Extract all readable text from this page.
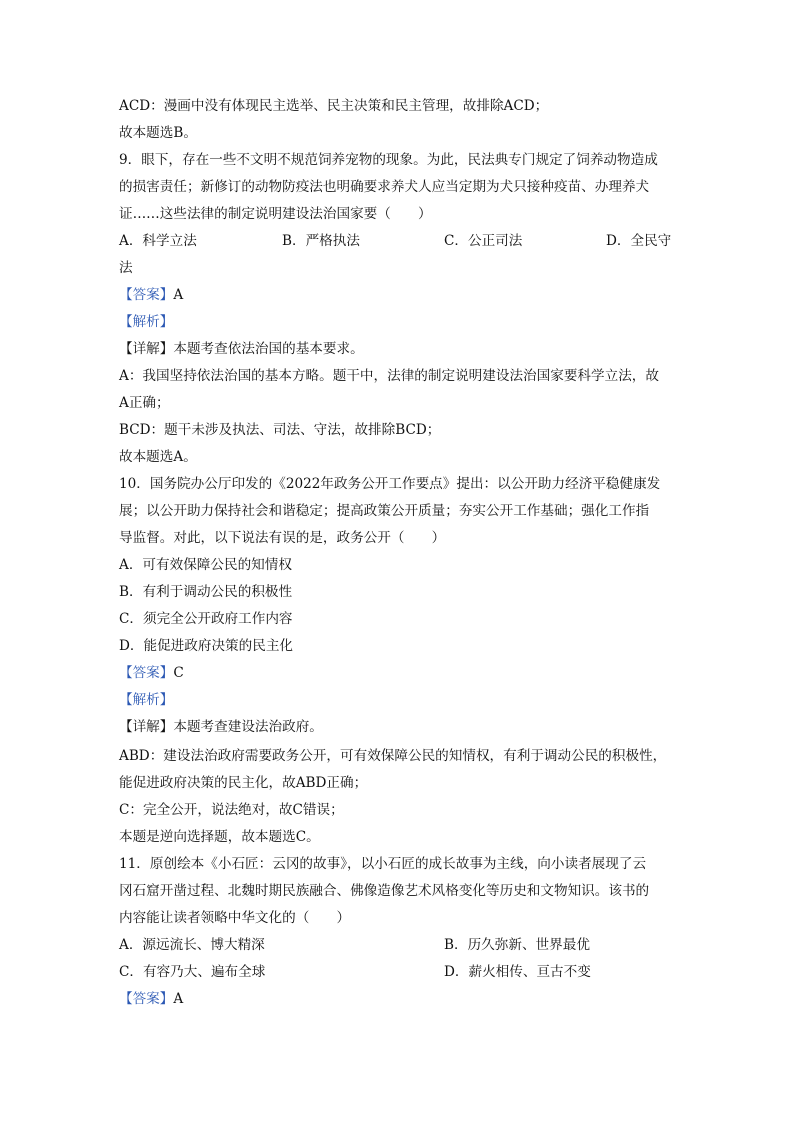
ACD：漫画中没有体现民主选举、民主决策和民主管理，故排除ACD；
故本题选B。
9．眼下，存在一些不文明不规范饲养宠物的现象。为此，民法典专门规定了饲养动物造成
的损害责任；新修订的动物防疫法也明确要求养犬人应当定期为犬只接种疫苗、办理养犬
证……这些法律的制定说明建设法治国家要（　　）
A．科学立法	B．严格执法	C．公正司法	D．全民守
法
【答案】A
【解析】
【详解】本题考查依法治国的基本要求。
A：我国坚持依法治国的基本方略。题干中，法律的制定说明建设法治国家要科学立法，故
A正确；
BCD：题干未涉及执法、司法、守法，故排除BCD；
故本题选A。
10．国务院办公厅印发的《2022年政务公开工作要点》提出：以公开助力经济平稳健康发
展；以公开助力保持社会和谐稳定；提高政策公开质量；夯实公开工作基础；强化工作指
导监督。对此，以下说法有误的是，政务公开（　　）
A．可有效保障公民的知情权
B．有利于调动公民的积极性
C．须完全公开政府工作内容
D．能促进政府决策的民主化
【答案】C
【解析】
【详解】本题考查建设法治政府。
ABD：建设法治政府需要政务公开，可有效保障公民的知情权，有利于调动公民的积极性，
能促进政府决策的民主化，故ABD正确；
C：完全公开，说法绝对，故C错误；
本题是逆向选择题，故本题选C。
11．原创绘本《小石匠：云冈的故事》，以小石匠的成长故事为主线，向小读者展现了云
冈石窟开凿过程、北魏时期民族融合、佛像造像艺术风格变化等历史和文物知识。该书的
内容能让读者领略中华文化的（　　）
A．源远流长、博大精深	B．历久弥新、世界最优
C．有容乃大、遍布全球	D．薪火相传、亘古不变
【答案】A
